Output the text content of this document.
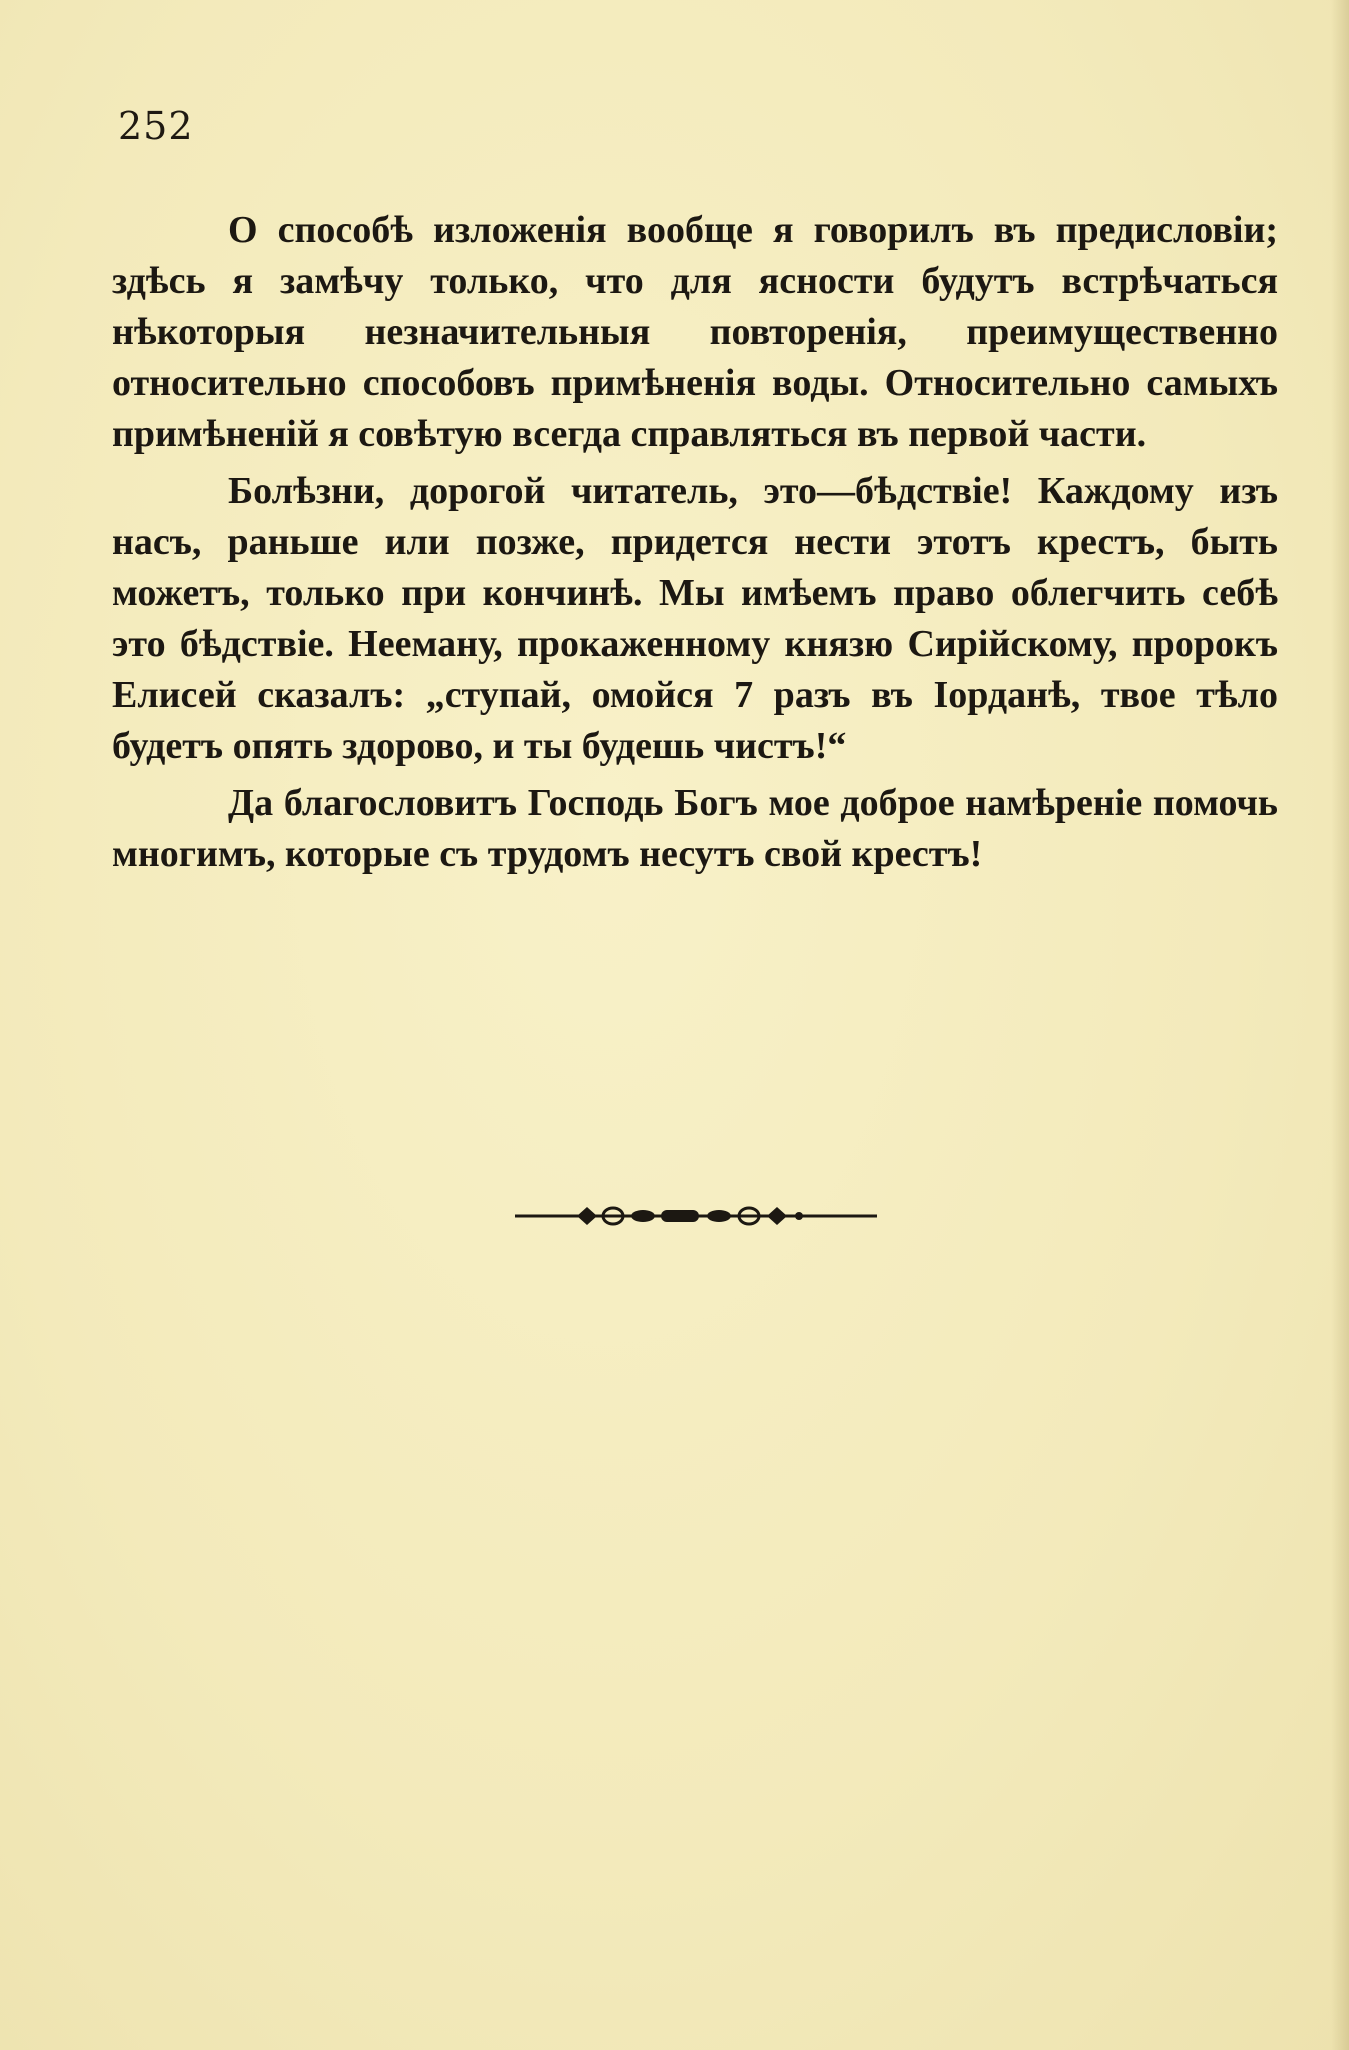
252

О способѣ изложенія вообще я говорилъ въ предисловіи; здѣсь я замѣчу только, что для ясности будутъ встрѣчаться нѣкоторыя незначительныя повторенія, преимущественно относительно способовъ примѣненія воды. Относительно самыхъ примѣненій я совѣтую всегда справляться въ первой части.

Болѣзни, дорогой читатель, это—бѣдствіе! Каждому изъ насъ, раньше или позже, придется нести этотъ крестъ, быть можетъ, только при кончинѣ. Мы имѣемъ право облегчить себѣ это бѣдствіе. Нееману, прокаженному князю Сирійскому, пророкъ Елисей сказалъ: „ступай, омойся 7 разъ въ Іорданѣ, твое тѣло будетъ опять здорово, и ты будешь чистъ!“

Да благословитъ Господь Богъ мое доброе намѣреніе помочь многимъ, которые съ трудомъ несутъ свой крестъ!
